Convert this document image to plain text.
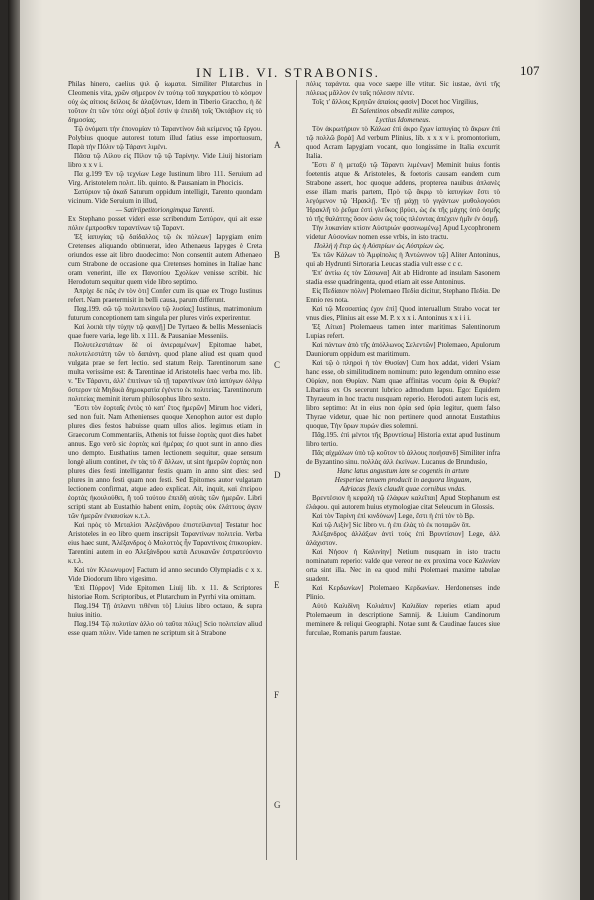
IN LIB. VI. STRABONIS.	107

Philas hinero, caelius ψιλ ῷ ἰωματα. Similiter Plutarchus in Cleomenis vita, χρῶν σήμερον ἐν τούτῳ τοῦ παγκρατίου τὸ κόσμον οὐχ ὡς αἰτιοις δείλοις δε ἀλαζόντων, Idem in Tiberio Graccho, ἡ δὲ τοῦτον ἐπ τῶν τότε οὐχὶ ἀξιοῖ ἐστὶν ψ ἐπειδὴ τοῖς Ὀκτάβιον εἰς τὸ δημοσίας.

Τῷ ὀνόματι τὴν ἐπονομίαν τὸ Ταραντίνον διὰ κείμενος τῷ ἔργου. Polybius quoque autorest totum illud fatius esse importuosum, Παρὰ τὴν Πόλιν τῷ Τάραντ λιμένι.

Πᾶσα τῷ Λίλου εἰς Πίλον τῷ τῷ Ταρίνην. Vide Liuij historiam libro x x v i.

Πα g.199 Ἐν τῷ τεχνίων Lege Iustinum libro 111. Seruium ad Virg. Aristotelem πολιτ. lib. quinto. & Pausaniam in Phocicis.

Σατύριον τῷ ἀκαδ Saturum oppidum intelligit, Tarento quondam vicinum. Vide Seruium in illud,

— Satiriipetitoriongimqua Tarenti.

Ex Stephano posset videri esse scribendum Σατύρον, qui ait esse πόλιν ἐμπροσθεν ταραντίνων τῷ Ταραντ.

Ἐξ ἰαπυγίας τῷ δαίδαλλος τῷ ἐκ πόλεων] Iapygiam enim Cretenses aliquando obtinuerat, ideo Athenaeus Iapyges è Creta oriundos esse ait libro duodecimo: Non consentit autem Athenaeo cum Strabone de occasione qua Cretenses homines in Italiae hanc oram venerint, ille ex Πανοπίου Σχολίων venisse scribit. hic Herodotum sequitur quem vide libro septimo.

Ἀπρίχε δε πῶς ἐν τὸν ὁτι] Confer cum iis quae ex Trogo Iustinus refert. Nam praetermisit in belli causa, parum differunt.

Παg.199. σῶ τῷ πολυτεκνίου τῷ λυσίας] Iustinus, matrimonium futurum conceptionem tam singula per plures virós experirentur.

Καὶ λοιπὰ τὴν τύχην τῷ φαινῇ] De Tyrtaeo & bellis Messeniacis quae fuere varia, lege lib. x 111. & Pausaniae Messeniis.

Πολυτελεστάτων δὲ οἱ ἀνιεραμένων] Epitomae habet, πολυτελεστάτη τῶν τὸ δαπάνη. quod plane aliud est quam quod vulgata prae se fert lectio. sed statum Reip. Tarentinorum sane multa verissime est: & Tarentinae id Aristotelis haec verba mo. lib. v. 'Ἐν Τάραντι, ἀλλ' ἐπιτίνων τῶ τῇ ταραντίνων ὑπὸ ἰαπύγων ὀλίγῳ ὕστερον τὰ Μηδικὰ δημοκρατία ἐγένετο ἐκ πολιτείας. Tarentinorum πολιτείας meminit iterum philosophus libro sexto.

Ἔστι τὸν ἑορταῖς ἐντὸς τὸ κατ' ἔτος ἡμερῶν] Mirum hoc videri, sed non fuit. Nam Athenienses quoque Xenophon autor est duplo plures dies festos habuisse quam ullos alios. legimus etiam in Graecorum Commentariis, Athenis tot fuisse ἑορτὰς quot dies habet annus. Ego verò sic ἑορτὰς καὶ ἡμέρας ἐσ quot sunt in anno dies uno dempto. Eusthatius tamen lectionem sequitur, quae sensum longè alium continet, ἐν τὰς τὸ δ' ἄλλων, ut sint ἡμερῶν ἑορτὰς non plures dies festi intelligantur festis quam in anno sint dies: sed plures in anno festi quam non festi. Sed Epitomes autor vulgatam lectionem confirmat, atque adeo explicat. Ait, inquit, καὶ ἐπείρου ἑορτὰς ἠκουλούθει, ἢ τοῦ τούτου ἐπειδὴ αὐτὰς τῶν ἡμερῶν. Libri scripti stant ab Eustathio habent enim, ἑορτὰς οὐκ ἐλάττους ἀγειν τῶν ἡμερῶν ἐνιαυσίων κ.τ.λ.

Καὶ πρὸς τὸ Μεταλίσι Ἀλεξάνδρου ἐπιστείλαντα] Testatur hoc Aristoteles in eo libro quem inscripsit Ταραντίνων πολιτεία. Verba eius haec sunt, Ἀλέξανδρος ὁ Μολοττὸς ἦν Ταραντίνοις ἐπικουρίαν. Tarentini autem in eo Ἀλεξάνδρου κατὰ Λευκανῶν ἐστρατεύοντο κ.τ.λ.

Καὶ τὸν Κλεωνυμον] Factum id anno secundo Olympiadis c x x. Vide Diodorum libro vigesimo.

Ἐπὶ Πύρρον] Vide Epitomen Liuij lib. x 11. & Scriptores historiae Rom. Scriptoribus, et Plutarchum in Pyrrhi vita omittam.

Παg.194 Τῇ ἀτλαντι τιθέναι τὸ] Liuius libro octauo, & supra huius initio.

Παg.194 Τῷ πολυτίαν ἀλλο οὐ ταῦτα πόλις] Scio πολιτείαν aliud esse quam πόλιν. Vide tamen ne scriptum sit à Strabone

A
B
C
D
E
F
G

πόλις ταράντα. qua voce saepe ille vtitur. Sic iustae, ἀντὶ τῆς πόλεως μᾶλλον ἐν ταῖς πόλεσιν πέντε.

Τοῖς τ' ἄλλοις Κρητῶν ἀπαίοις φασὶν] Docet hoc Virgilius,

Et Salentinos obsedit milite campos,

Lyctius Idomeneus.

Τὸν ἀκρωτήριον τὸ Κάλωσ ἐπὶ ἀκρο ἔχων ἰαπυγίας τὸ ἄκρων ἐπὶ τῷ πολλῶ βορὰ] Ad verbum Plinius, lib. x x x v i. promontorium, quod Acram Iapygiam vocant, quo longissime in Italia excurrit Italia.

Ἔστι δ' ἡ μεταξὺ τῷ Τάραντι λιμένων] Meminit huius fontis foetentis atque & Aristoteles, & foetoris causam eandem cum Strabone assert, hoc quoque addens, propterea nauibus ἀπλανὲς esse illam maris partem, Πρὸ τῷ ἄκρῳ τὸ ἰαπυγίων ἔστι τὸ λεγόμενον τῷ Ἡρακλῇ. Ἐν τῇ μάχῃ τὸ γιγάντων μυθολογούσι Ἡρακλῆ τὸ ῥεῦμα ἐστὶ γλεῦκος βρύει, ὡς ἐκ τῆς μάχης ὑπὸ ὀσμῆς τὸ τῆς θαλάττης ὅσον ὠσιν ὡς τοὺς πλέοντας ἀπέχειν ἡμῖν ἐν ὀσμῇ.

Τὴν λυκανίαν κτίσιν Αὐστριών φασινωμένῳ] Apud Lycophronem videtur Αὐσονίων nomen esse vrbis, in isto tractu.

Πολλὴ ἡ ἔτερ ὡς ἡ Αὐστρίων ὡς Αὐστρίων ὡς.

Ἐκ τῶν Κάλων τὸ Ἀμφίπολις ἡ Ἀντώνινον τῷ] Aliter Antoninus, qui ab Hydrunti Sirtoraria Leucas stadia vult esse c c c.

Ἐπ' ἀντίω ἐς τὸν Σάσωνα] Ait ab Hidronte ad insulam Sasonem stadia esse quadringenta, quod etiam ait esse Antoninus.

Εἰς Πεδίαιον πόλιν] Ptolemaeo Πεδία dicitur, Stephano Πεδία. De Ennio res nota.

Καὶ τῷ Μεσσαπίας ἐχον ἐπὶ] Quod interuallum Strabo vocat ter vnus dies, Plinius ait esse M. P. x x x i. Antoninus x x i i i.

Ἐξ Λίτιαι] Ptolemaeus tamen inter maritimas Salentinorum Lupias refert.

Καὶ πάντων ἀπὸ τῆς ἀπόλλωνος Σελεντῶν] Ptolemaeo, Apulorum Dauniorum oppidum est maritimum.

Καὶ τῷ ὁ πληροὶ ἡ τὸν Θυσίαν] Cum hox addat, videri Vsiam hanc esse, ob similitudinem nominum: puto legendum omnino esse Οὐρίαν, non Θυρίαν. Nam quae affinitas vocum ὁρία & Θυρία? Libarius ex Os secerunt lubrico admodum lapsu. Ego: Equidem Thyraeum in hoc tractu nusquam reperio. Herodoti autem lucis est, libro septimo: At in eius non ὁρία sed ὑρία legitur, quem falso Thyrae videtur, quae hic non pertinere quod annotat Eustathius quoque, Τὴν ὕρων πυρών dies solemni.

Πᾶg.195. ἐπὶ μέντοι τῆς Βρυντίσιω] Historia extat apud Iustinum libro tertio.

Πᾶς αἰχμάλων ὑπὸ τῷ κοῦτον τὸ ἀλλους ποιήσανδ] Similiter infra de Byzantino sinu. πολλὰς ἀλλ ἐκείνων. Lucanus de Brundusio,

Hanc latus angustum iam se cogentis in artum

Hesperiae tenuem producit in aequora linguam,

Adriacas flexis claudit quae cornibus vndas.

Βρεντέσιον ἡ κεφαλὴ τῷ ἐλάφων καλεῖται] Apud Stephanum est ἐλάφου. qui autorem huius etymologiae citat Seleucum in Glossis.

Καὶ τὸν Ταρίνη ἐπὶ κινδύνων] Lege, ἔστι ἡ ἐπὶ τὸν τὸ Βρ.

Καὶ τῷ Λιξίν] Sic libro vι. ἡ ἐπι ἐλὰς τὸ ἐκ ποταμῶν ὅπ.

Ἀλέξανδρος ἀλλάξων ἀντὶ τοὺς ἐπὶ Βρυντίσιον] Lege, ἀλλ ἀλάχιστον.

Καὶ Νήσον ἡ Καλινίην] Netium nusquam in isto tractu nominatum reperio: valde que vereor ne ex proxima voce Καλινίαν orta sint illa. Nec in ea quod mihi Ptolemaei maxime tabulae suadent.

Καὶ Κερδωνίων] Ptolemaeo Κερδωνίων. Herdonenses inde Plinio.

Αὐτὸ Καλιδίνη Κολιάπιν] Καλιδίαν reperies etiam apud Ptolemaeum in descriptione Samnij. & Liuium Candinorum meminere & reliqui Geographi. Notae sunt & Caudinae fauces siue furculae, Romanis parum faustae.
